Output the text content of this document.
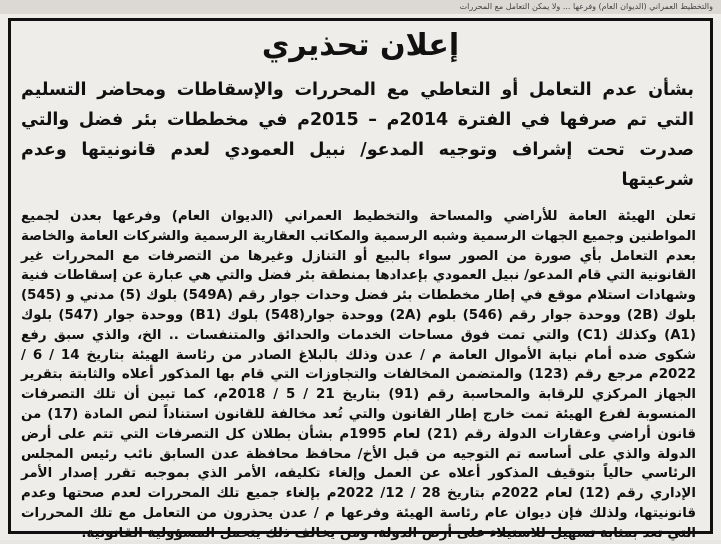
والتخطيط العمراني (الديوان العام) وفرعها ... ولا يمكن التعامل مع المحررات
إعلان تحذيري
بشأن عدم التعامل أو التعاطي مع المحررات والإسقاطات ومحاضر التسليم التي تم صرفها في الفترة 2014م – 2015م في مخططات بئر فضل والتي صدرت تحت إشراف وتوجيه المدعو/ نبيل العمودي لعدم قانونيتها وعدم شرعيتها
تعلن الهيئة العامة للأراضي والمساحة والتخطيط العمراني (الديوان العام) وفرعها بعدن لجميع المواطنين وجميع الجهات الرسمية وشبه الرسمية والمكاتب العقارية الرسمية والشركات العامة والخاصة بعدم التعامل بأي صورة من الصور سواء بالبيع أو التنازل وغيرها من التصرفات مع المحررات غير القانونية التي قام المدعو/ نبيل العمودي بإعدادها بمنطقة بئر فضل والتي هي عبارة عن إسقاطات فنية وشهادات استلام موقع في إطار مخططات بئر فضل وحدات جوار رقم (549A) بلوك (5) مدني و (545) بلوك (2B) ووحدة جوار رقم (546) بلوم (2A) ووحدة جوار(548) بلوك (B1) ووحدة جوار (547) بلوك (A1) وكذلك (C1) والتي تمت فوق مساحات الخدمات والحدائق والمتنفسات .. الخ، والذي سبق رفع شكوى ضده أمام نيابة الأموال العامة م / عدن وذلك بالبلاغ الصادر من رئاسة الهيئة بتاريخ 14 / 6 / 2022م مرجع رقم (123) والمتضمن المخالفات والتجاوزات التي قام بها المذكور أعلاه والثابتة بتقرير الجهاز المركزي للرقابة والمحاسبة رقم (91) بتاريخ 21 / 5 / 2018م، كما تبين أن تلك التصرفات المنسوبة لفرع الهيئة تمت خارج إطار القانون والتي تُعد مخالفة للقانون استناداً لنص المادة (17) من قانون أراضي وعقارات الدولة رقم (21) لعام 1995م بشأن بطلان كل التصرفات التي تتم على أرض الدولة والذي على أساسه تم التوجيه من قبل الأخ/ محافظ محافظة عدن السابق نائب رئيس المجلس الرئاسي حالياً بتوقيف المذكور أعلاه عن العمل وإلغاء تكليفه، الأمر الذي بموجبه تقرر إصدار الأمر الإداري رقم (12) لعام 2022م بتاريخ 28 / 12/ 2022م بإلغاء جميع تلك المحررات لعدم صحتها وعدم قانونيتها، ولذلك فإن ديوان عام رئاسة الهيئة وفرعها م / عدن يحذرون من التعامل مع تلك المحررات التي تعد بمثابة تسهيل للاستيلاء على أرض الدولة، ومن يخالف ذلك يتحمل المسؤولية القانونية.
